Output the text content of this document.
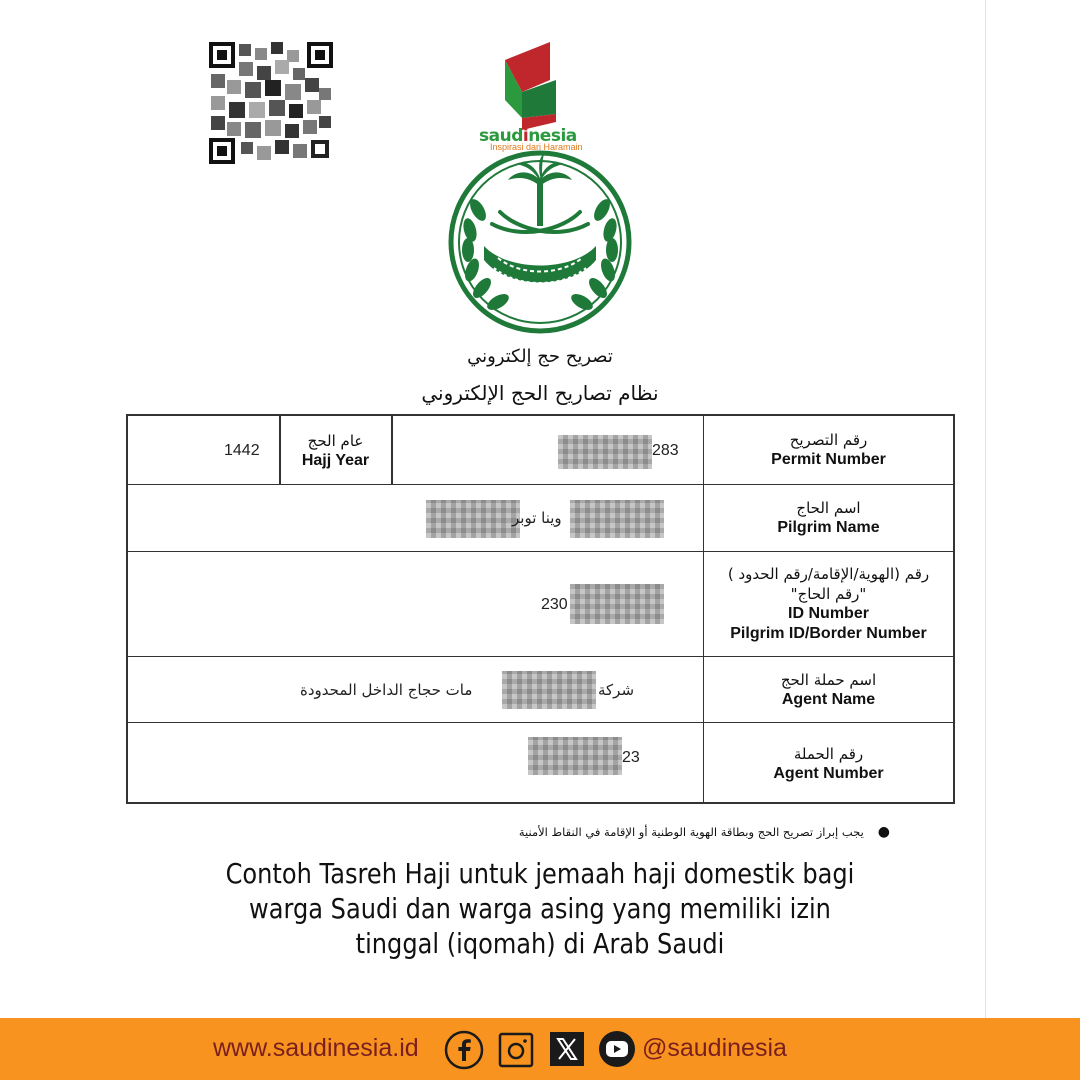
saudinesia
Inspirasi dari Haramain
تصريح حج إلكتروني
نظام تصاريح الحج الإلكتروني
رقم التصريح
Permit Number
283
عام الحج
Hajj Year
1442
اسم الحاج
Pilgrim Name
وينا توبر
رقم (الهوية/الإقامة/رقم الحدود )
"رقم الحاج"
ID Number
Pilgrim ID/Border Number
230
اسم حملة الحج
Agent Name
مات حجاج الداخل المحدودة	شركة
رقم الحملة
Agent Number
23
●يجب إبراز تصريح الحج وبطاقة الهوية الوطنية أو الإقامة في النقاط الأمنية
Contoh Tasreh Haji untuk jemaah haji domestik bagi
warga Saudi dan warga asing yang memiliki izin
tinggal (iqomah) di Arab Saudi
www.saudinesia.id	@saudinesia
